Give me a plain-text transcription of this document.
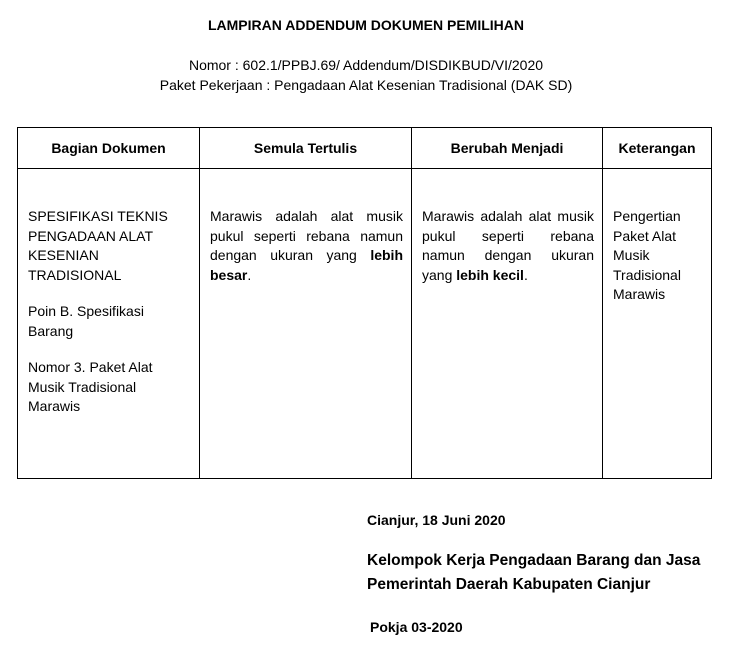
LAMPIRAN ADDENDUM DOKUMEN PEMILIHAN
Nomor : 602.1/PPBJ.69/ Addendum/DISDIKBUD/VI/2020
Paket Pekerjaan : Pengadaan Alat Kesenian Tradisional (DAK SD)
Bagian Dokumen	Semula Tertulis	Berubah Menjadi	Keterangan

SPESIFIKASI TEKNIS PENGADAAN ALAT KESENIAN TRADISIONAL

Poin B. Spesifikasi Barang

Nomor 3. Paket Alat Musik Tradisional Marawis	Marawis adalah alat musik pukul seperti rebana namun dengan ukuran yang lebih besar.	Marawis adalah alat musik pukul seperti rebana namun dengan ukuran yang lebih kecil.	Pengertian Paket Alat Musik Tradisional Marawis
Cianjur, 18 Juni 2020
Kelompok Kerja Pengadaan Barang dan Jasa
Pemerintah Daerah Kabupaten Cianjur
Pokja 03-2020
